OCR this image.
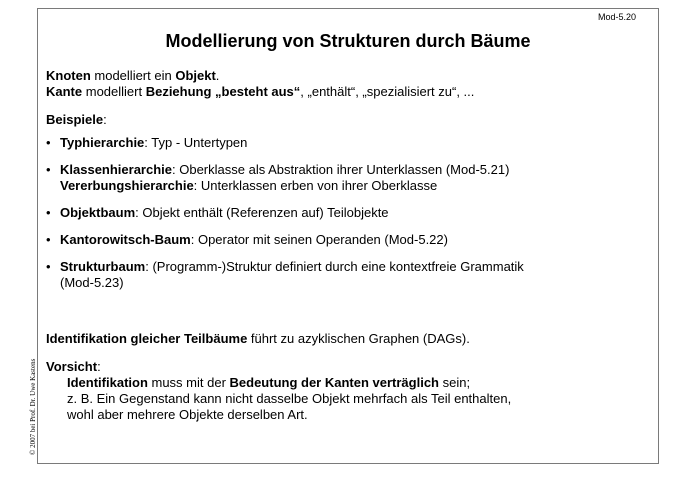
Mod-5.20
© 2007 bei Prof. Dr. Uwe Kastens
Modellierung von Strukturen durch Bäume
Knoten modelliert ein Objekt.
Kante modelliert Beziehung „besteht aus“, „enthält“, „spezialisiert zu“, ...
Beispiele:
• Typhierarchie: Typ - Untertypen
• Klassenhierarchie: Oberklasse als Abstraktion ihrer Unterklassen (Mod-5.21)
Vererbungshierarchie: Unterklassen erben von ihrer Oberklasse
• Objektbaum: Objekt enthält (Referenzen auf) Teilobjekte
• Kantorowitsch-Baum: Operator mit seinen Operanden (Mod-5.22)
• Strukturbaum: (Programm-)Struktur definiert durch eine kontextfreie Grammatik
(Mod-5.23)
Identifikation gleicher Teilbäume führt zu azyklischen Graphen (DAGs).
Vorsicht:
Identifikation muss mit der Bedeutung der Kanten verträglich sein;
z. B. Ein Gegenstand kann nicht dasselbe Objekt mehrfach als Teil enthalten,
wohl aber mehrere Objekte derselben Art.
